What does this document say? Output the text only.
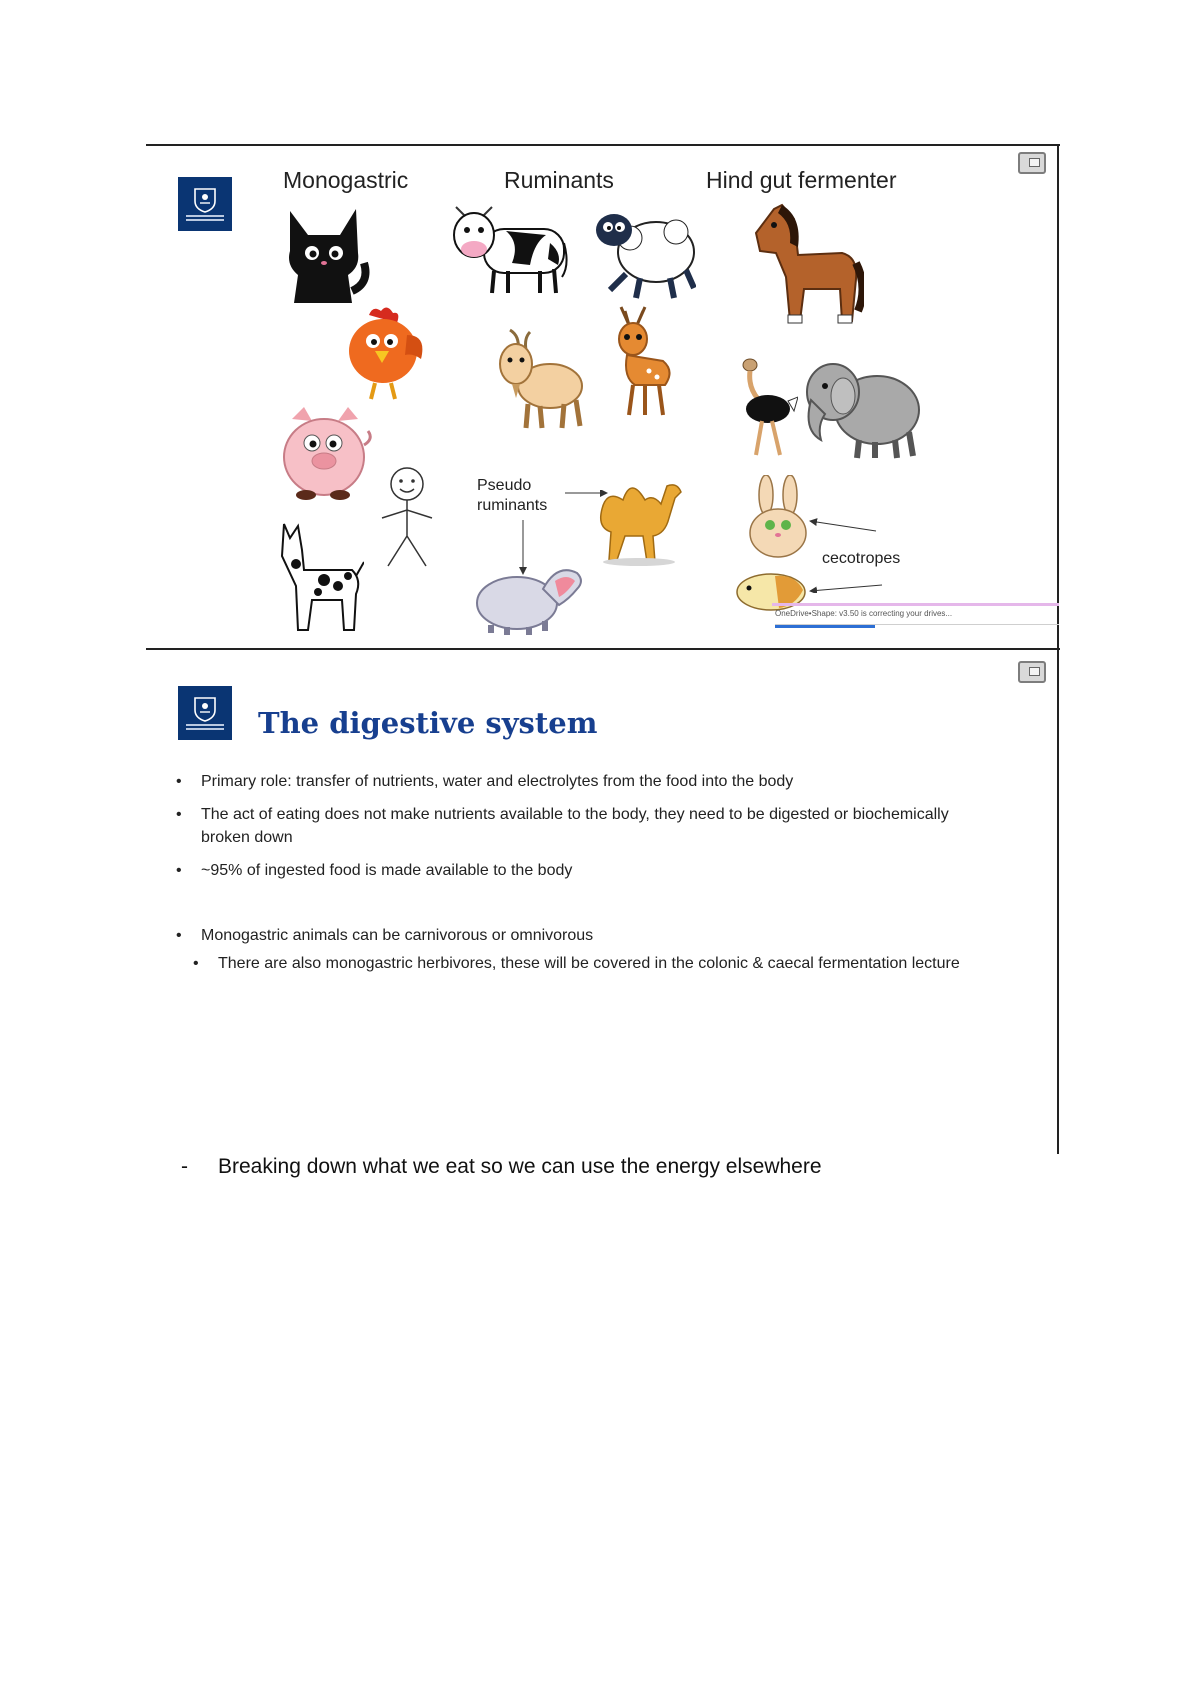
Monogastric	Ruminants	Hind gut fermenter
Pseudo
ruminants
cecotropes
OneDrive•Shape: v3.50 is correcting your drives...
The digestive system
• Primary role: transfer of nutrients, water and electrolytes from the food into the body
• The act of eating does not make nutrients available to the body, they need to be digested or biochemically broken down
• ~95% of ingested food is made available to the body
• Monogastric animals can be carnivorous or omnivorous
• There are also monogastric herbivores, these will be covered in the colonic & caecal fermentation lecture
- Breaking down what we eat so we can use the energy elsewhere
